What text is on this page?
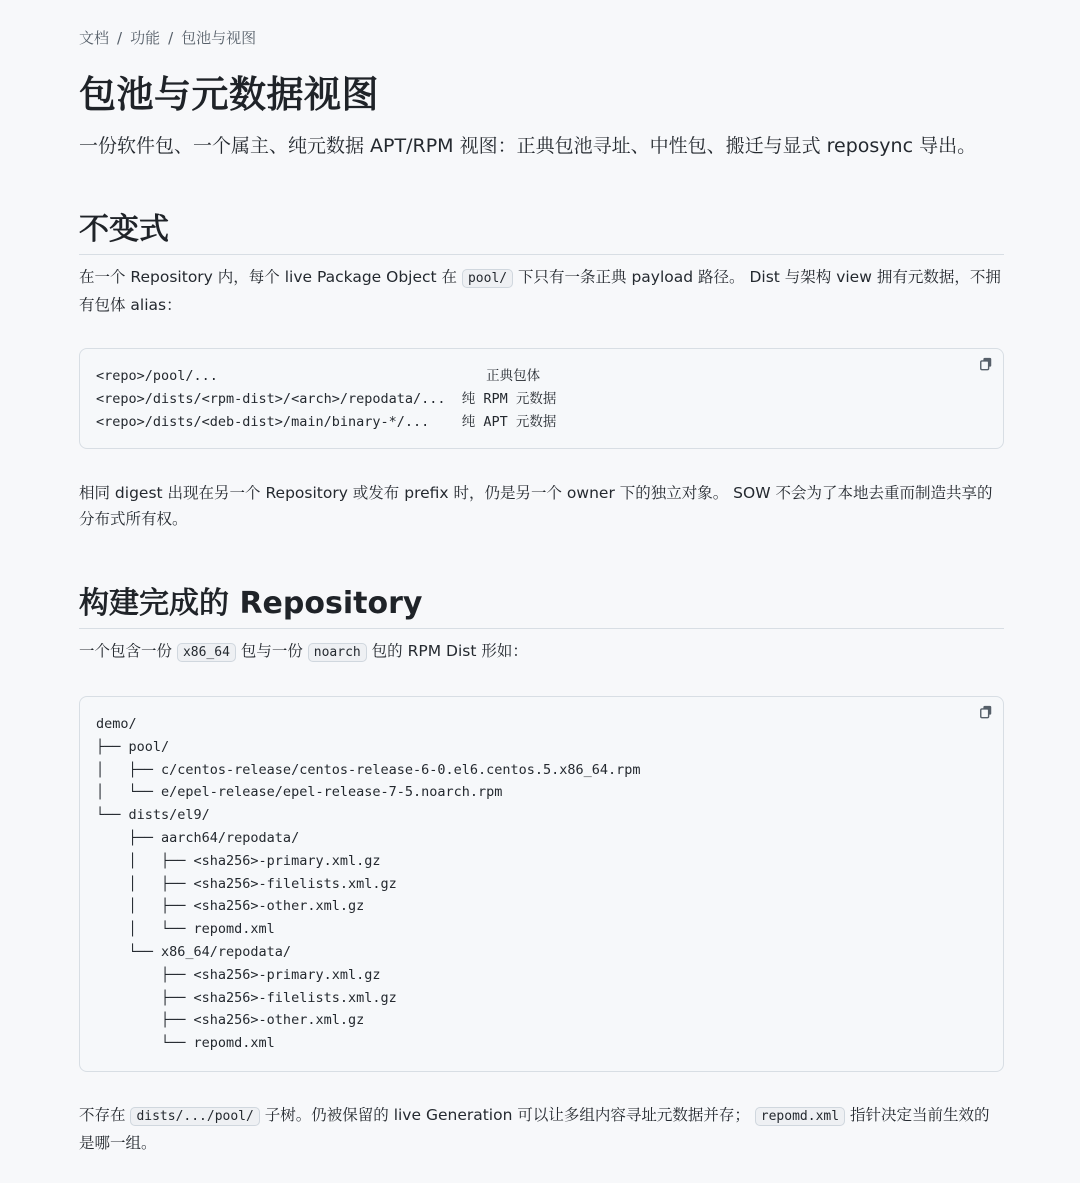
文档 / 功能 / 包池与视图
包池与元数据视图

一份软件包、一个属主、纯元数据 APT/RPM 视图：正典包池寻址、中性包、搬迁与显式 reposync 导出。

不变式

在一个 Repository 内，每个 live Package Object 在 pool/ 下只有一条正典 payload 路径。 Dist 与架构 view 拥有元数据，不拥有包体 alias：

<repo>/pool/...                                 正典包体
<repo>/dists/<rpm-dist>/<arch>/repodata/...  纯 RPM 元数据
<repo>/dists/<deb-dist>/main/binary-*/...    纯 APT 元数据

相同 digest 出现在另一个 Repository 或发布 prefix 时，仍是另一个 owner 下的独立对象。 SOW 不会为了本地去重而制造共享的分布式所有权。

构建完成的 Repository

一个包含一份 x86_64 包与一份 noarch 包的 RPM Dist 形如：

demo/
├── pool/
│   ├── c/centos-release/centos-release-6-0.el6.centos.5.x86_64.rpm
│   └── e/epel-release/epel-release-7-5.noarch.rpm
└── dists/el9/
├── aarch64/repodata/
│   ├── <sha256>-primary.xml.gz
│   ├── <sha256>-filelists.xml.gz
│   ├── <sha256>-other.xml.gz
│   └── repomd.xml
└── x86_64/repodata/
├── <sha256>-primary.xml.gz
├── <sha256>-filelists.xml.gz
├── <sha256>-other.xml.gz
└── repomd.xml

不存在 dists/.../pool/ 子树。仍被保留的 live Generation 可以让多组内容寻址元数据并存； repomd.xml 指针决定当前生效的是哪一组。
